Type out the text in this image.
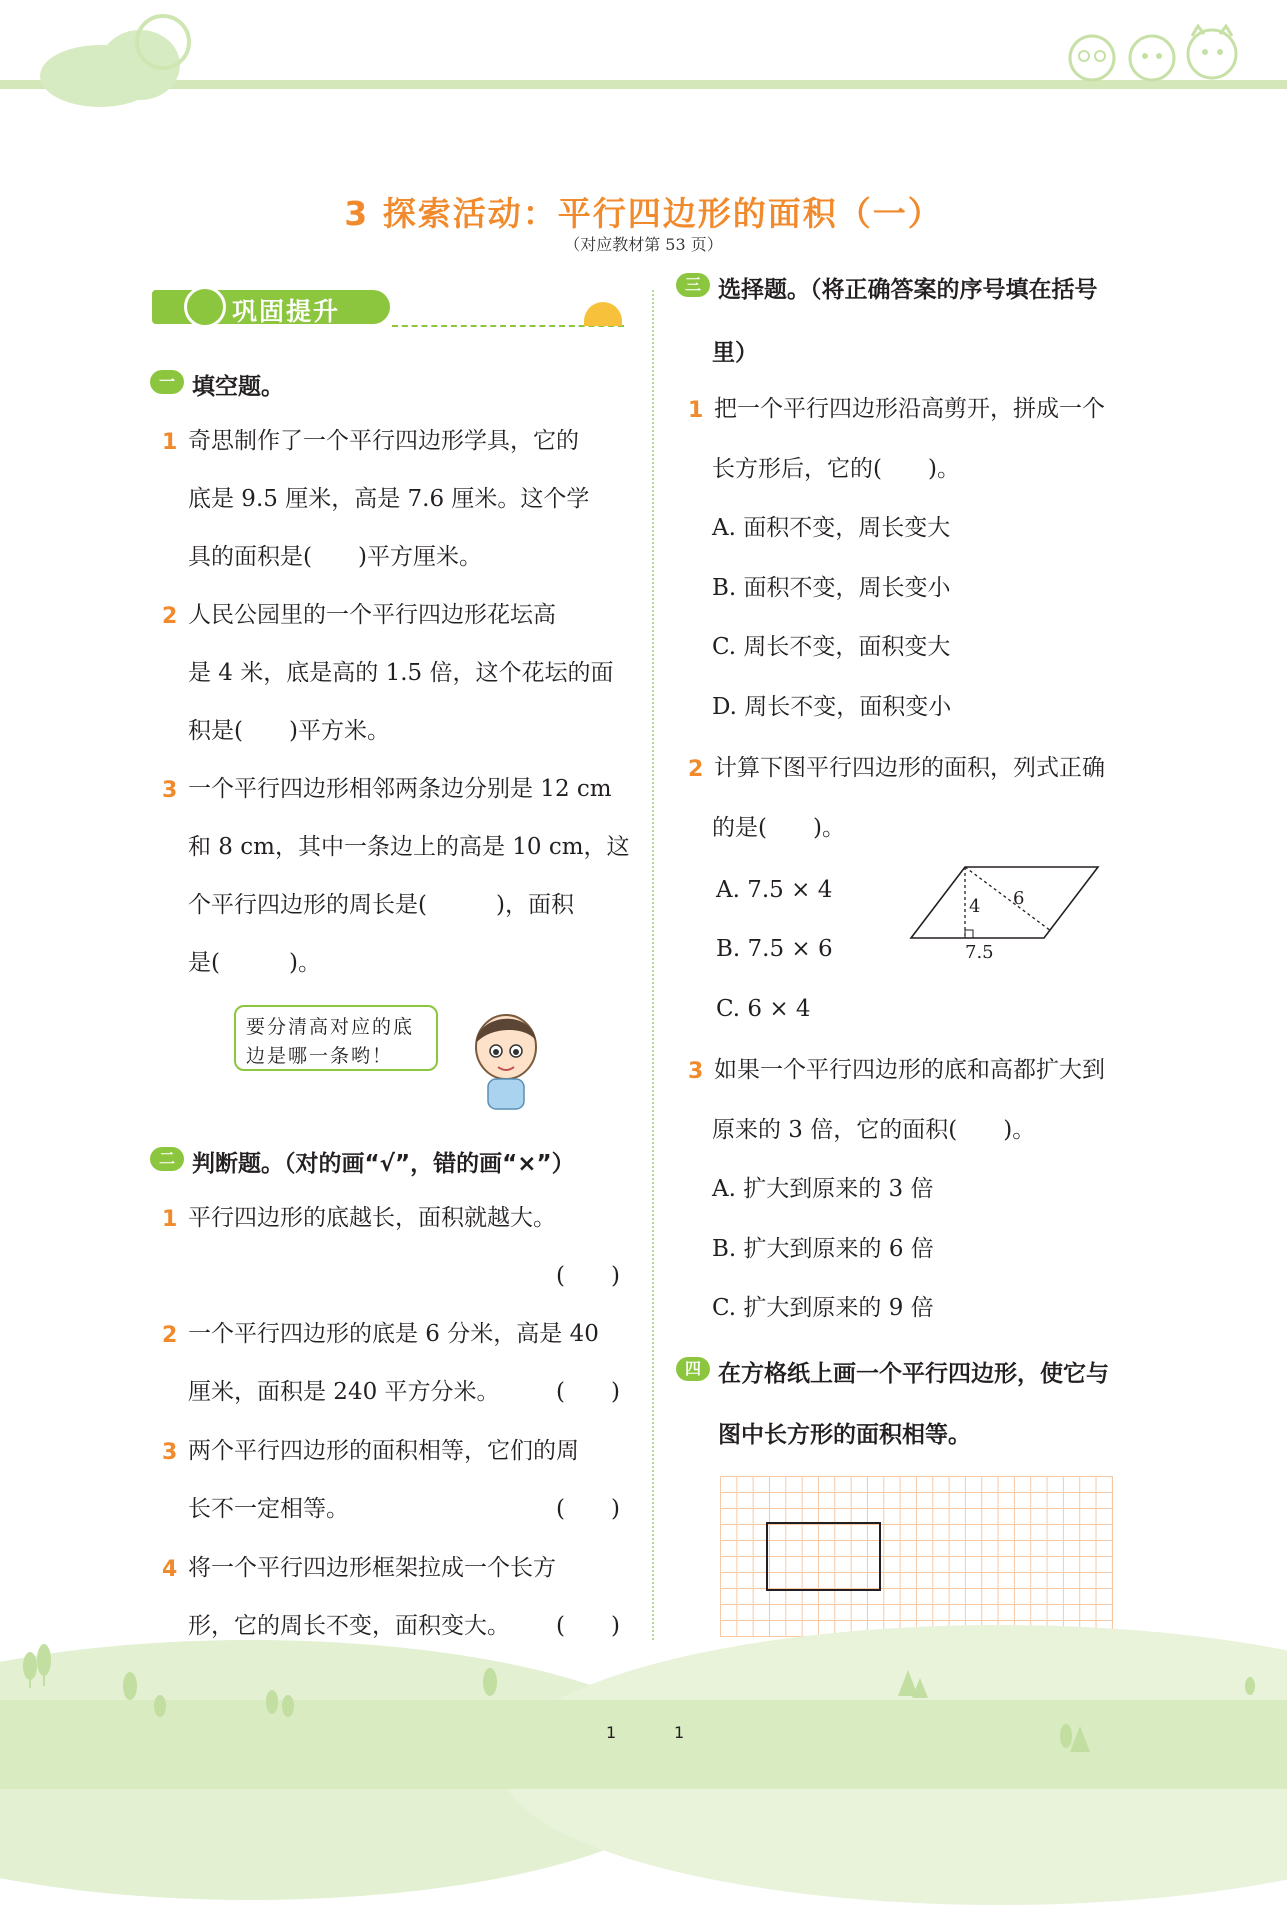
3 探索活动：平行四边形的面积（一）
（对应教材第 53 页）
巩固提升
一 填空题。
1 奇思制作了一个平行四边形学具，它的
底是 9.5 厘米，高是 7.6 厘米。这个学
具的面积是(　　)平方厘米。
2 人民公园里的一个平行四边形花坛高
是 4 米，底是高的 1.5 倍，这个花坛的面
积是(　　)平方米。
3 一个平行四边形相邻两条边分别是 12 cm
和 8 cm，其中一条边上的高是 10 cm，这
个平行四边形的周长是(　　　)，面积
是(　　　)。
要分清高对应的底边是哪一条哟！
二 判断题。（对的画“√”，错的画“×”）
1 平行四边形的底越长，面积就越大。
(　　)
2 一个平行四边形的底是 6 分米，高是 40
厘米，面积是 240 平方分米。 (　　)
3 两个平行四边形的面积相等，它们的周
长不一定相等。	(　　)
4 将一个平行四边形框架拉成一个长方
形，它的周长不变，面积变大。 (　　)
三 选择题。（将正确答案的序号填在括号
里）
1 把一个平行四边形沿高剪开，拼成一个
长方形后，它的(　　)。
A. 面积不变，周长变大
B. 面积不变，周长变小
C. 周长不变，面积变大
D. 周长不变，面积变小
2 计算下图平行四边形的面积，列式正确
的是(　　)。
A. 7.5 × 4
B. 7.5 × 6
C. 6 × 4
4 6
7.5
3 如果一个平行四边形的底和高都扩大到
原来的 3 倍，它的面积(　　)。
A. 扩大到原来的 3 倍
B. 扩大到原来的 6 倍
C. 扩大到原来的 9 倍
四 在方格纸上画一个平行四边形，使它与
图中长方形的面积相等。
1	1
